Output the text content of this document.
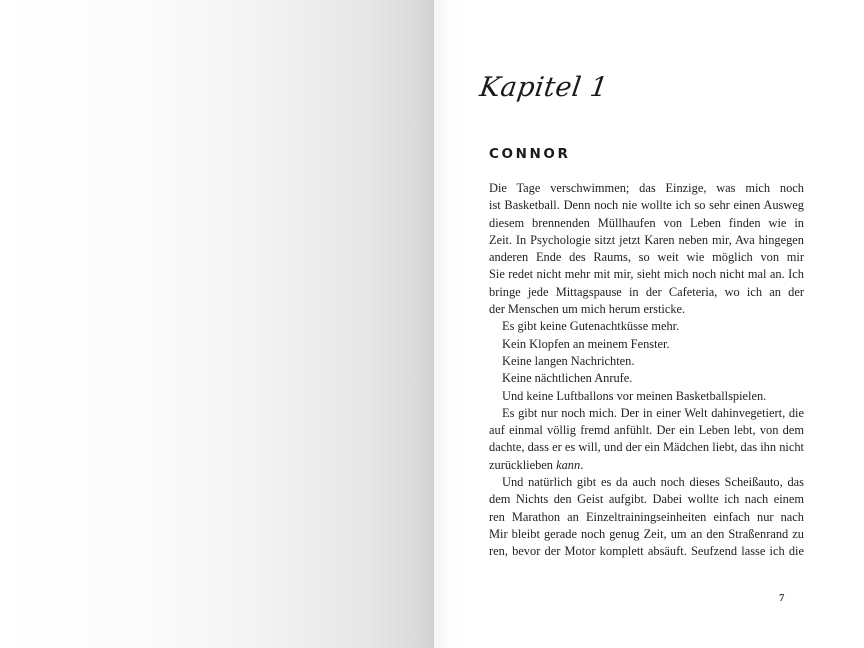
Kapitel 1
CONNOR
Die Tage verschwimmen; das Einzige, was mich noch
ist Basketball. Denn noch nie wollte ich so sehr einen Ausweg
diesem brennenden Müllhaufen von Leben finden wie in
Zeit. In Psychologie sitzt jetzt Karen neben mir, Ava hingegen
anderen Ende des Raums, so weit wie möglich von mir
Sie redet nicht mehr mit mir, sieht mich noch nicht mal an. Ich
bringe jede Mittagspause in der Cafeteria, wo ich an der
der Menschen um mich herum ersticke.
Es gibt keine Gutenachtküsse mehr.
Kein Klopfen an meinem Fenster.
Keine langen Nachrichten.
Keine nächtlichen Anrufe.
Und keine Luftballons vor meinen Basketballspielen.
Es gibt nur noch mich. Der in einer Welt dahinvegetiert, die
auf einmal völlig fremd anfühlt. Der ein Leben lebt, von dem
dachte, dass er es will, und der ein Mädchen liebt, das ihn nicht
zurücklieben kann.
Und natürlich gibt es da auch noch dieses Scheißauto, das
dem Nichts den Geist aufgibt. Dabei wollte ich nach einem
ren Marathon an Einzeltrainingseinheiten einfach nur nach
Mir bleibt gerade noch genug Zeit, um an den Straßenrand zu
ren, bevor der Motor komplett absäuft. Seufzend lasse ich die
7
